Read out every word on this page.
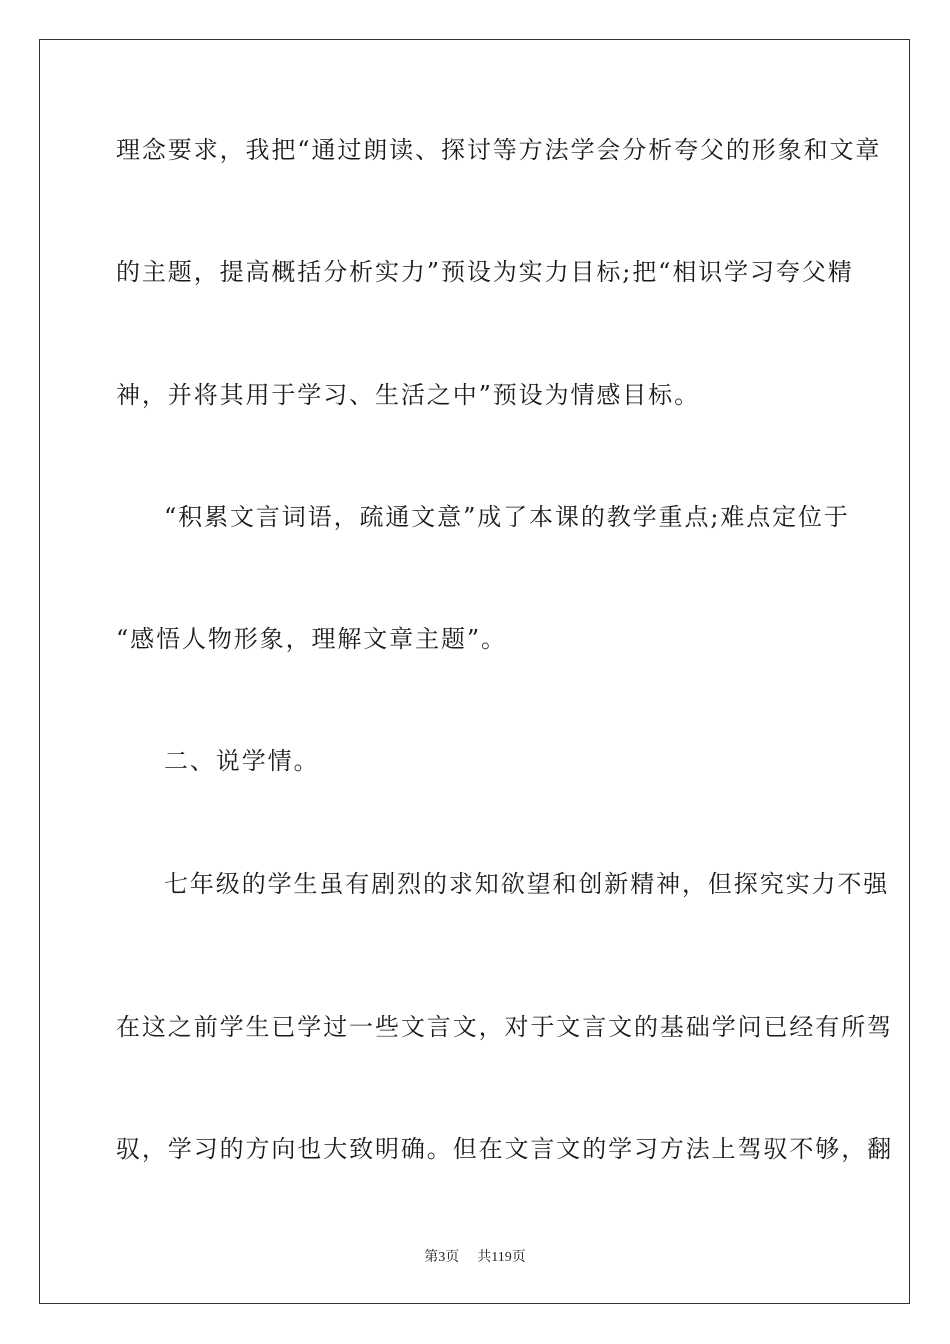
理念要求，我把“通过朗读、探讨等方法学会分析夸父的形象和文章
的主题，提高概括分析实力”预设为实力目标;把“相识学习夸父精
神，并将其用于学习、生活之中”预设为情感目标。
“积累文言词语，疏通文意”成了本课的教学重点;难点定位于
“感悟人物形象，理解文章主题”。
二、说学情。
七年级的学生虽有剧烈的求知欲望和创新精神，但探究实力不强
在这之前学生已学过一些文言文，对于文言文的基础学问已经有所驾
驭，学习的方向也大致明确。但在文言文的学习方法上驾驭不够，翻
第3页 共119页
